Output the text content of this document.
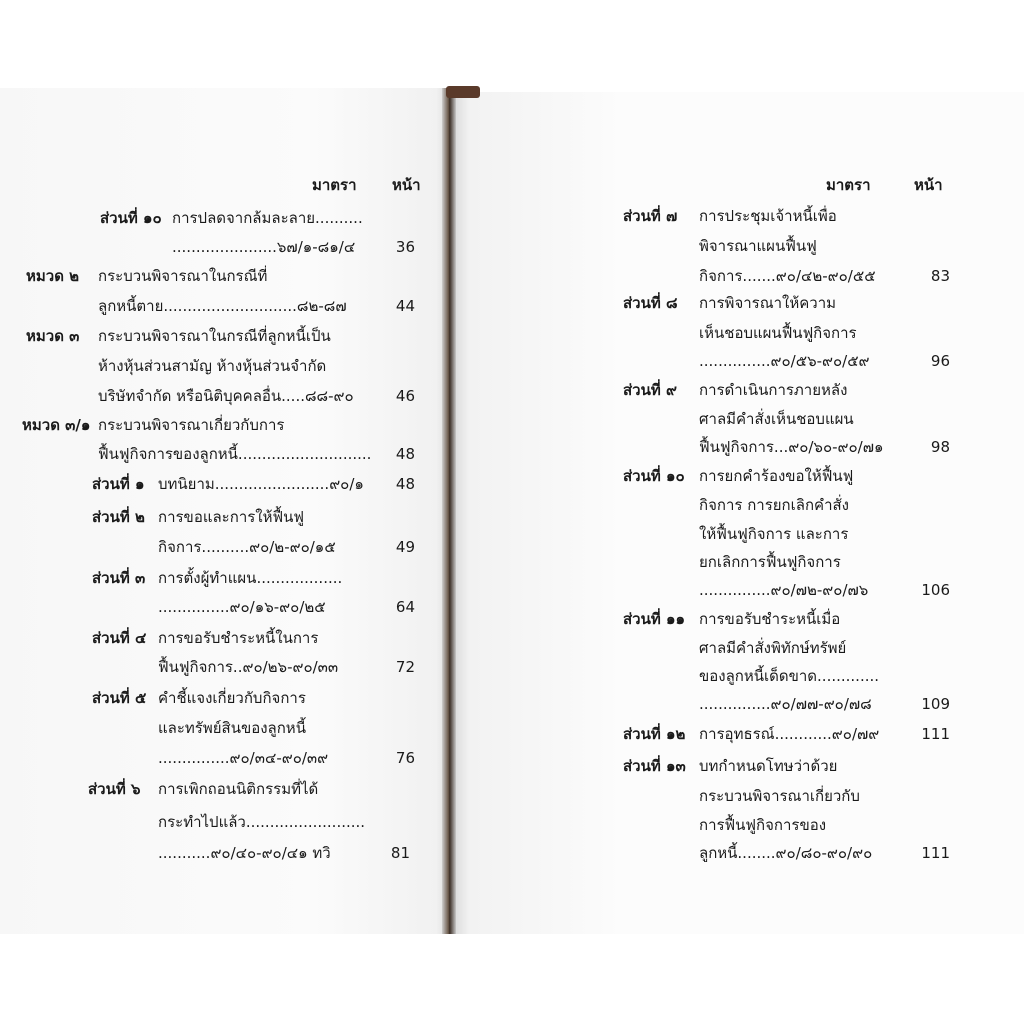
มาตรา หน้า
ส่วนที่ ๑๐ การปลดจากล้มละลาย..........
......................๖๗/๑-๘๑/๔	36
หมวด ๒ กระบวนพิจารณาในกรณีที่
ลูกหนี้ตาย............................๘๒-๘๗	44
หมวด ๓ กระบวนพิจารณาในกรณีที่ลูกหนี้เป็น
ห้างหุ้นส่วนสามัญ ห้างหุ้นส่วนจำกัด
บริษัทจำกัด หรือนิติบุคคลอื่น.....๘๘-๙๐	46
หมวด ๓/๑ กระบวนพิจารณาเกี่ยวกับการ
ฟื้นฟูกิจการของลูกหนี้............................	48
ส่วนที่ ๑ บทนิยาม........................๙๐/๑	48
ส่วนที่ ๒ การขอและการให้ฟื้นฟู
กิจการ..........๙๐/๒-๙๐/๑๕	49
ส่วนที่ ๓ การตั้งผู้ทำแผน..................
...............๙๐/๑๖-๙๐/๒๕	64
ส่วนที่ ๔ การขอรับชำระหนี้ในการ
ฟื้นฟูกิจการ..๙๐/๒๖-๙๐/๓๓	72
ส่วนที่ ๕ คำชี้แจงเกี่ยวกับกิจการ
และทรัพย์สินของลูกหนี้
...............๙๐/๓๔-๙๐/๓๙	76
ส่วนที่ ๖ การเพิกถอนนิติกรรมที่ได้
กระทำไปแล้ว.........................
...........๙๐/๔๐-๙๐/๔๑ ทวิ	81
มาตรา	หน้า
ส่วนที่ ๗ การประชุมเจ้าหนี้เพื่อ
พิจารณาแผนฟื้นฟู
กิจการ.......๙๐/๔๒-๙๐/๕๕	83
ส่วนที่ ๘ การพิจารณาให้ความ
เห็นชอบแผนฟื้นฟูกิจการ
...............๙๐/๕๖-๙๐/๕๙	96
ส่วนที่ ๙ การดำเนินการภายหลัง
ศาลมีคำสั่งเห็นชอบแผน
ฟื้นฟูกิจการ...๙๐/๖๐-๙๐/๗๑	98
ส่วนที่ ๑๐ การยกคำร้องขอให้ฟื้นฟู
กิจการ การยกเลิกคำสั่ง
ให้ฟื้นฟูกิจการ และการ
ยกเลิกการฟื้นฟูกิจการ
...............๙๐/๗๒-๙๐/๗๖	106
ส่วนที่ ๑๑ การขอรับชำระหนี้เมื่อ
ศาลมีคำสั่งพิทักษ์ทรัพย์
ของลูกหนี้เด็ดขาด.............
...............๙๐/๗๗-๙๐/๗๘	109
ส่วนที่ ๑๒ การอุทธรณ์............๙๐/๗๙	111
ส่วนที่ ๑๓ บทกำหนดโทษว่าด้วย
กระบวนพิจารณาเกี่ยวกับ
การฟื้นฟูกิจการของ
ลูกหนี้........๙๐/๘๐-๙๐/๙๐	111
